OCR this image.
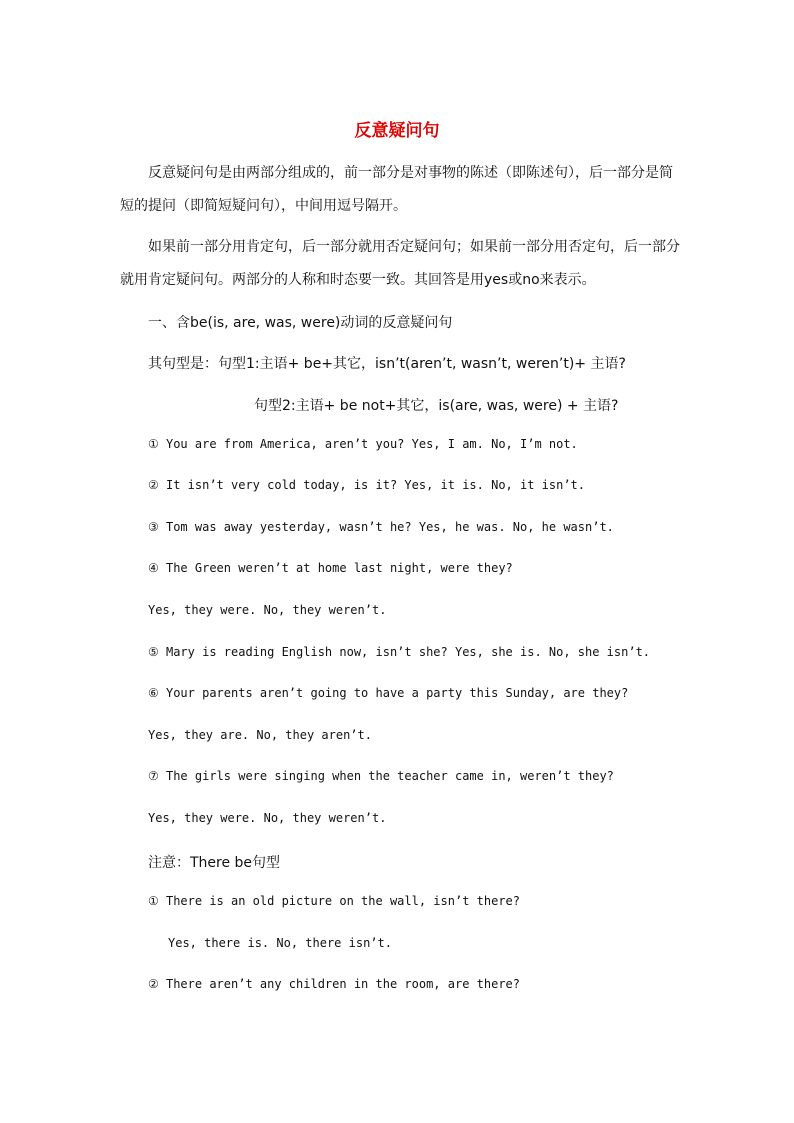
反意疑问句
反意疑问句是由两部分组成的，前一部分是对事物的陈述（即陈述句），后一部分是简短的提问（即简短疑问句），中间用逗号隔开。
如果前一部分用肯定句，后一部分就用否定疑问句；如果前一部分用否定句，后一部分就用肯定疑问句。两部分的人称和时态要一致。其回答是用yes或no来表示。
一、含be(is, are, was, were)动词的反意疑问句
其句型是：句型1:主语+ be+其它，isn’t(aren’t, wasn’t, weren’t)+ 主语?
句型2:主语+ be not+其它，is(are, was, were) + 主语?
① You are from America, aren’t you? Yes, I am. No, I’m not.
② It isn’t very cold today, is it? Yes, it is. No, it isn’t.
③ Tom was away yesterday, wasn’t he? Yes, he was. No, he wasn’t.
④ The Green weren’t at home last night, were they?
Yes, they were. No, they weren’t.
⑤ Mary is reading English now, isn’t she? Yes, she is. No, she isn’t.
⑥ Your parents aren’t going to have a party this Sunday, are they?
Yes, they are. No, they aren’t.
⑦ The girls were singing when the teacher came in, weren’t they?
Yes, they were. No, they weren’t.
注意：There be句型
① There is an old picture on the wall, isn’t there?
Yes, there is. No, there isn’t.
② There aren’t any children in the room, are there?
